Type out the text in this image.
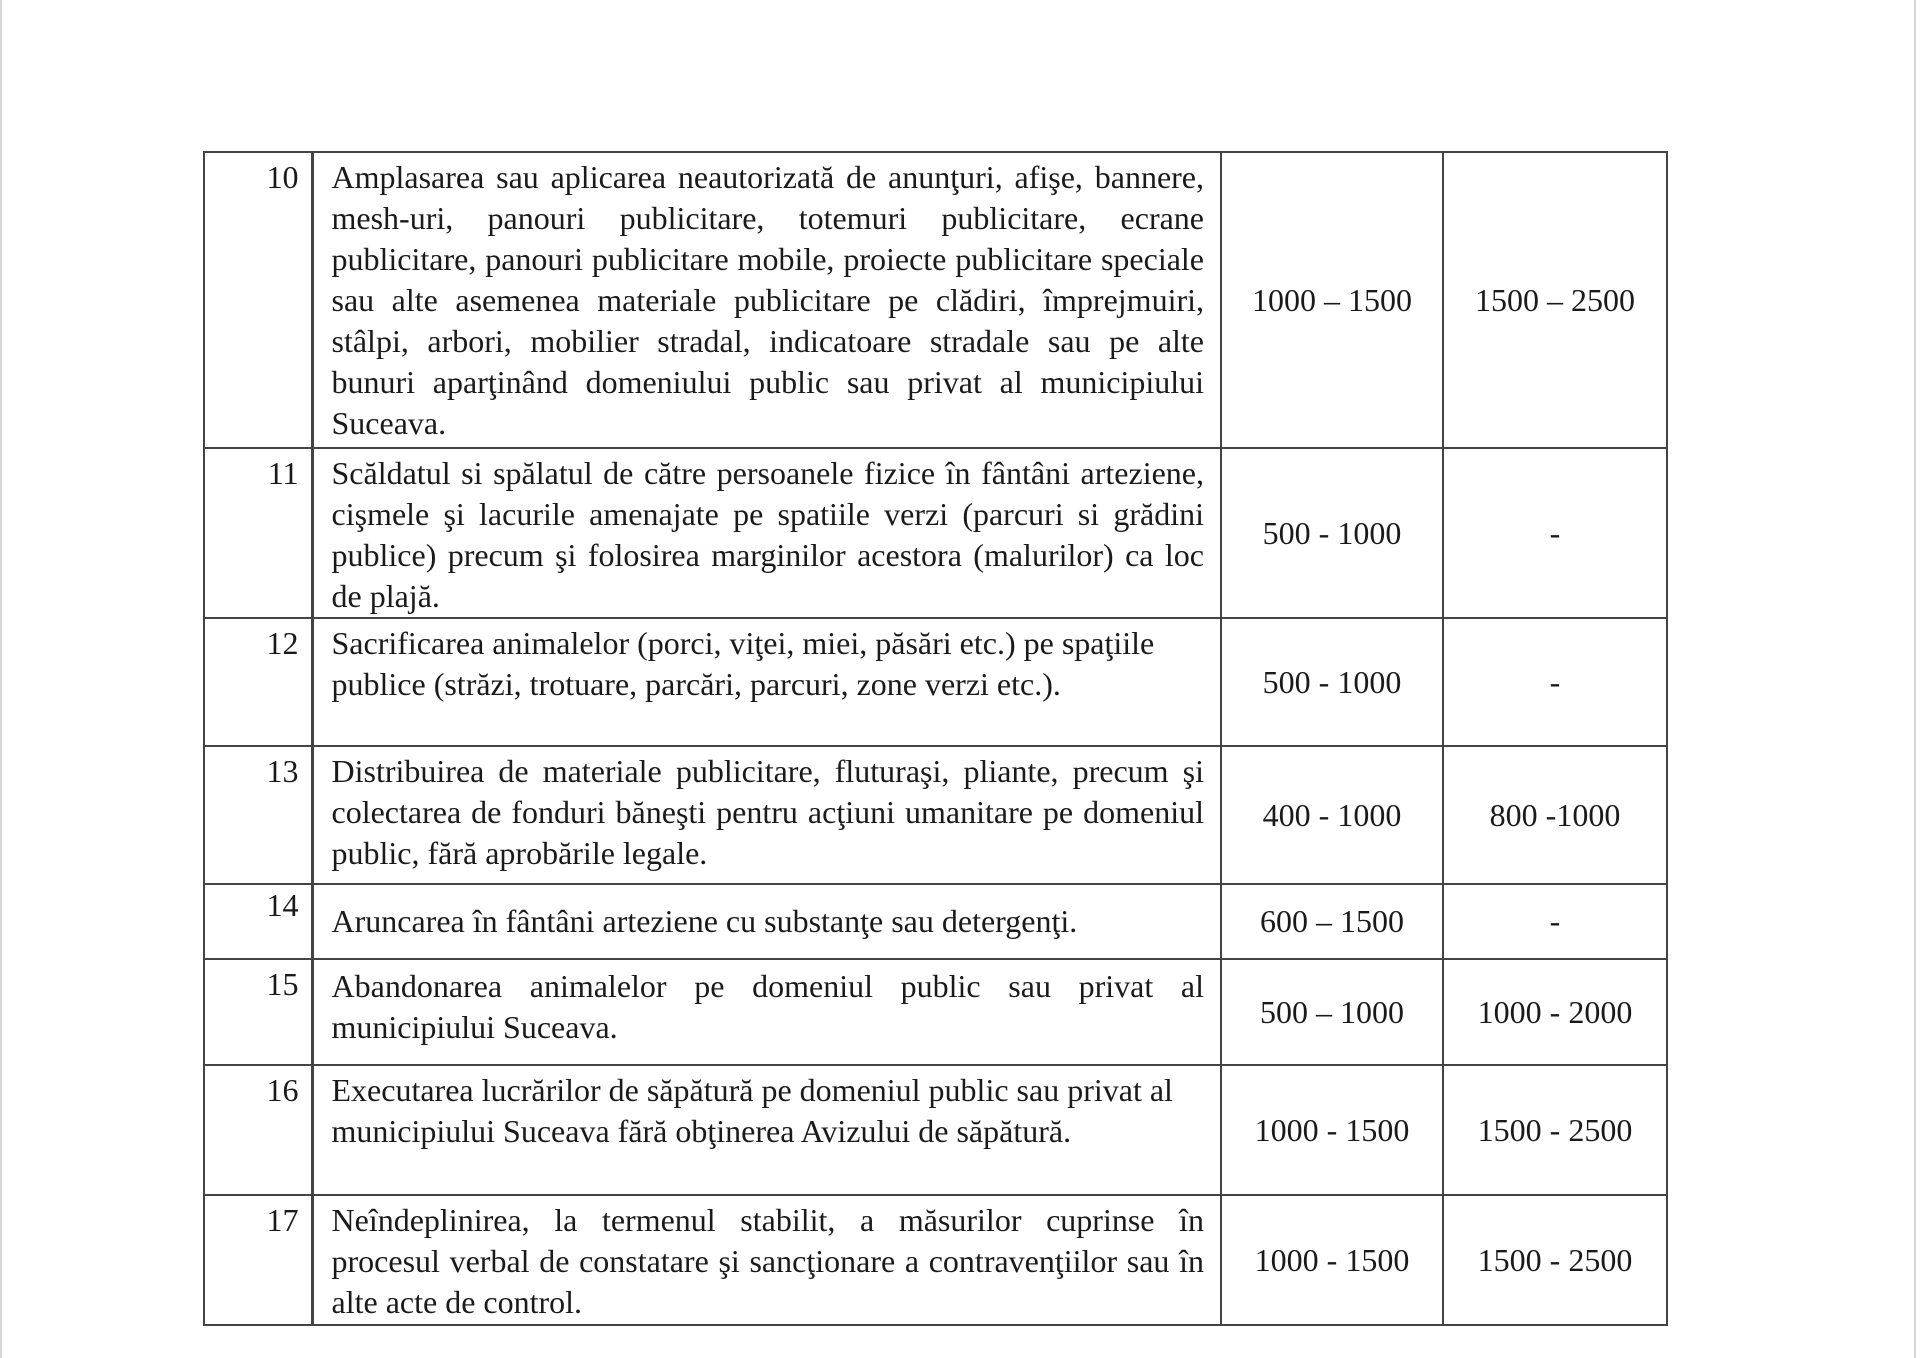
10	Amplasarea sau aplicarea neautorizată de anunţuri, afişe, bannere, mesh-uri, panouri publicitare, totemuri publicitare, ecrane publicitare, panouri publicitare mobile, proiecte publicitare speciale sau alte asemenea materiale publicitare pe clădiri, împrejmuiri, stâlpi, arbori, mobilier stradal, indicatoare stradale sau pe alte bunuri aparţinând domeniului public sau privat al municipiului Suceava.	1000 – 1500	1500 – 2500
11	Scăldatul si spălatul de către persoanele fizice în fântâni arteziene, cişmele şi lacurile amenajate pe spatiile verzi (parcuri si grădini publice) precum şi folosirea marginilor acestora (malurilor) ca loc de plajă.	500 - 1000	-
12	Sacrificarea animalelor (porci, viţei, miei, păsări etc.) pe spaţiile publice (străzi, trotuare, parcări, parcuri, zone verzi etc.).	500 - 1000	-
13	Distribuirea de materiale publicitare, fluturaşi, pliante, precum şi colectarea de fonduri băneşti pentru acţiuni umanitare pe domeniul public, fără aprobările legale.	400 - 1000	800 -1000
14	Aruncarea în fântâni arteziene cu substanţe sau detergenţi.	600 – 1500	-
15	Abandonarea animalelor pe domeniul public sau privat al municipiului Suceava.	500 – 1000	1000 - 2000
16	Executarea lucrărilor de săpătură pe domeniul public sau privat al municipiului Suceava fără obţinerea Avizului de săpătură.	1000 - 1500	1500 - 2500
17	Neîndeplinirea, la termenul stabilit, a măsurilor cuprinse în procesul verbal de constatare şi sancţionare a contravenţiilor sau în alte acte de control.	1000 - 1500	1500 - 2500
